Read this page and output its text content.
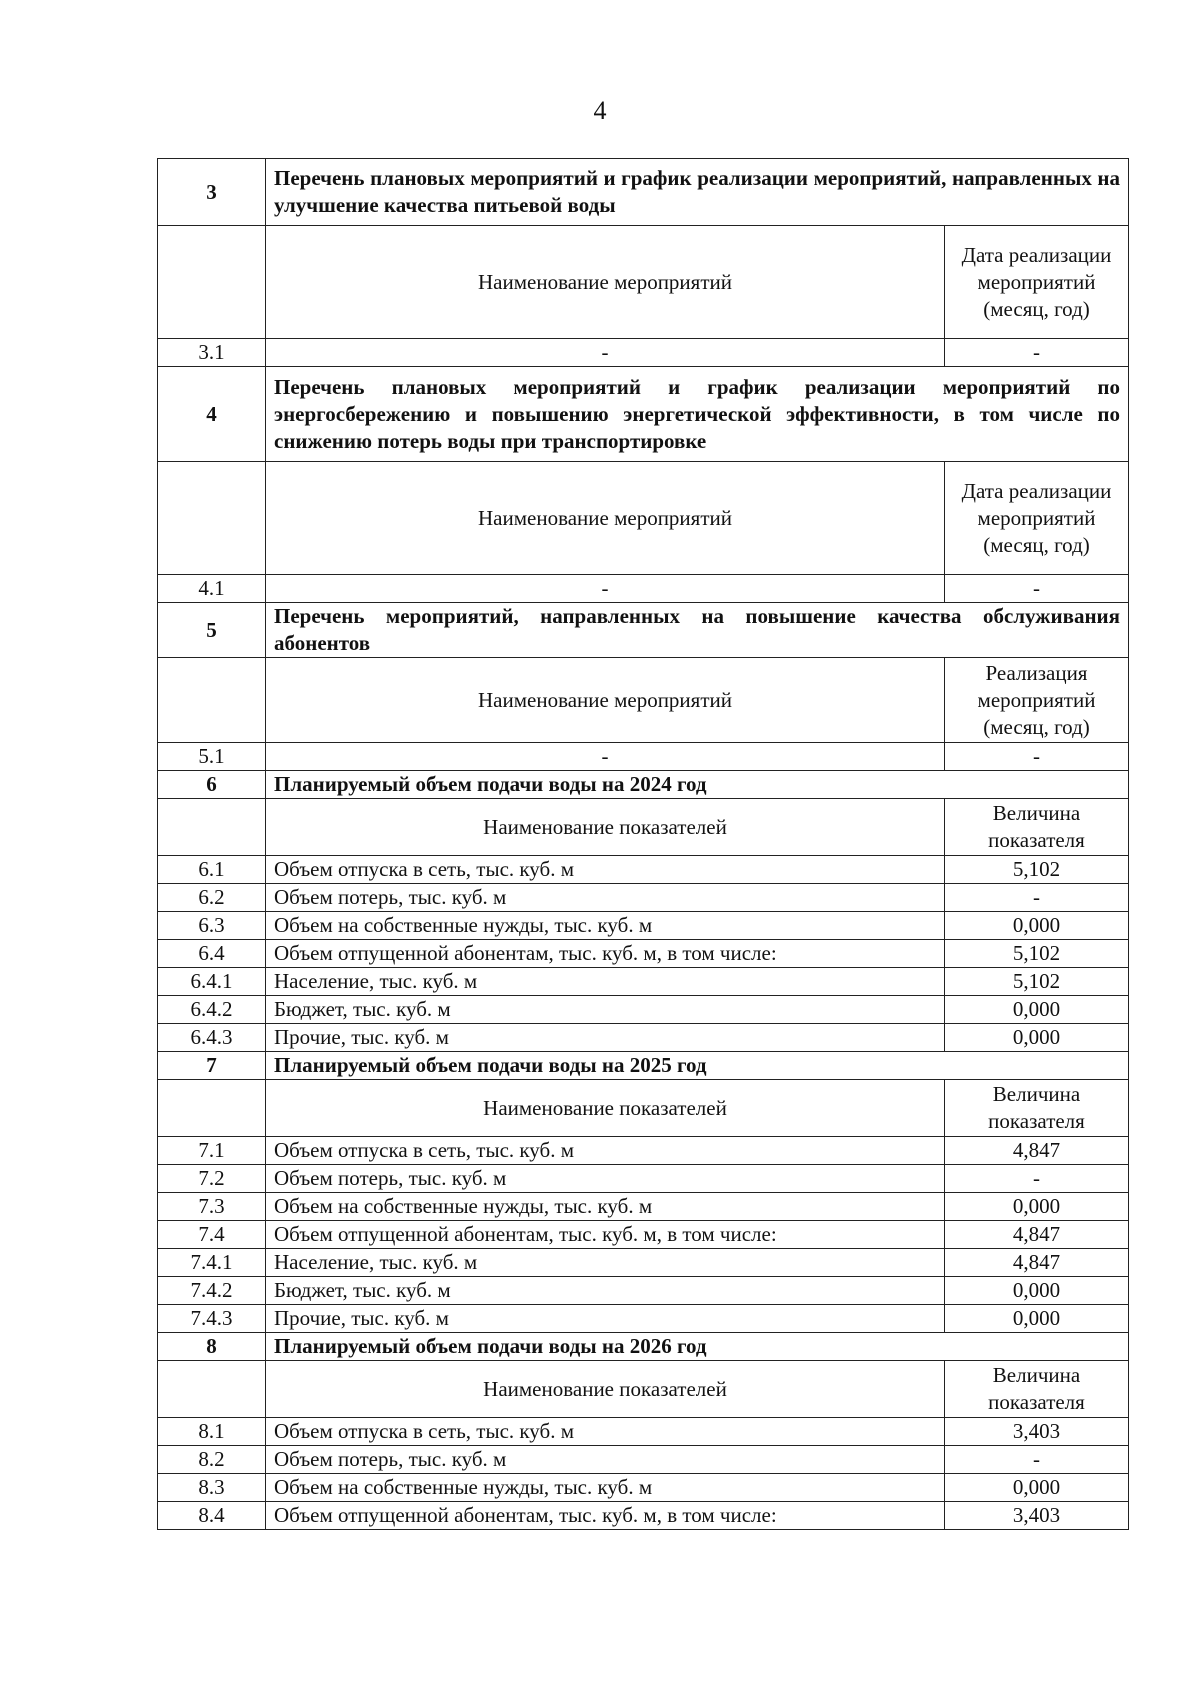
4
3	Перечень плановых мероприятий и график реализации мероприятий, направленных на улучшение качества питьевой воды	
	Наименование мероприятий	Дата реализации мероприятий (месяц, год)
3.1	-	-
4	Перечень плановых мероприятий и график реализации мероприятий по энергосбережению и повышению энергетической эффективности, в том числе по снижению потерь воды при транспортировке	
	Наименование мероприятий	Дата реализации мероприятий (месяц, год)
4.1	-	-
5	Перечень мероприятий, направленных на повышение качества обслуживания абонентов	
	Наименование мероприятий	Реализация мероприятий (месяц, год)
5.1	-	-
6	Планируемый объем подачи воды на 2024 год	
	Наименование показателей	Величина показателя
6.1	Объем отпуска в сеть, тыс. куб. м	5,102
6.2	Объем потерь, тыс. куб. м	-
6.3	Объем на собственные нужды, тыс. куб. м	0,000
6.4	Объем отпущенной абонентам, тыс. куб. м, в том числе:	5,102
6.4.1	Население, тыс. куб. м	5,102
6.4.2	Бюджет, тыс. куб. м	0,000
6.4.3	Прочие, тыс. куб. м	0,000
7	Планируемый объем подачи воды на 2025 год	
	Наименование показателей	Величина показателя
7.1	Объем отпуска в сеть, тыс. куб. м	4,847
7.2	Объем потерь, тыс. куб. м	-
7.3	Объем на собственные нужды, тыс. куб. м	0,000
7.4	Объем отпущенной абонентам, тыс. куб. м, в том числе:	4,847
7.4.1	Население, тыс. куб. м	4,847
7.4.2	Бюджет, тыс. куб. м	0,000
7.4.3	Прочие, тыс. куб. м	0,000
8	Планируемый объем подачи воды на 2026 год	
	Наименование показателей	Величина показателя
8.1	Объем отпуска в сеть, тыс. куб. м	3,403
8.2	Объем потерь, тыс. куб. м	-
8.3	Объем на собственные нужды, тыс. куб. м	0,000
8.4	Объем отпущенной абонентам, тыс. куб. м, в том числе:	3,403
